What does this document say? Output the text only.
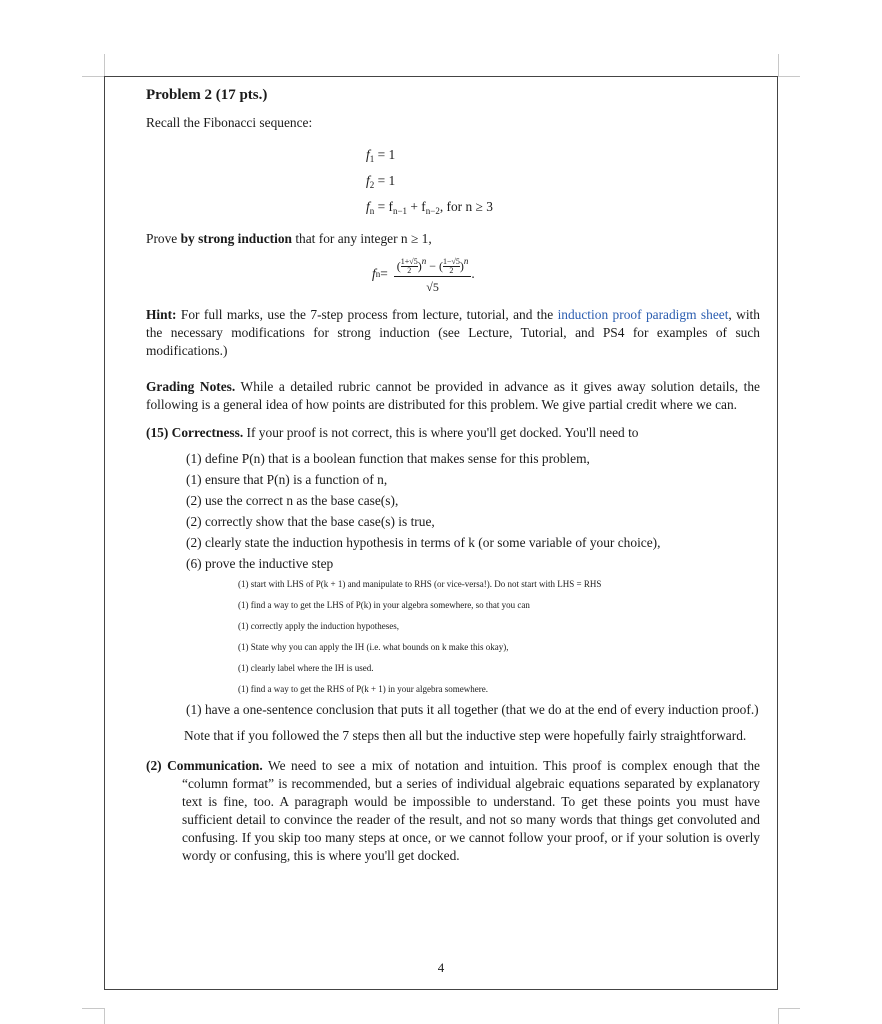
Problem 2 (17 pts.)

Recall the Fibonacci sequence:

$f_1 = 1$
$f_2 = 1$
$f_n = f_{n-1} + f_{n-2}$, for n ≥ 3

Prove by strong induction that for any integer n ≥ 1,

f $n = \frac{( \frac{1+√5}{2} )^n - ( \frac{1-√5}{2} )^n}{√5}$ .

Hint: For full marks, use the 7-step process from lecture, tutorial, and the induction proof paradigm sheet, with the necessary modifications for strong induction (see Lecture, Tutorial, and PS4 for examples of such modifications.)

Grading Notes. While a detailed rubric cannot be provided in advance as it gives away solution details, the following is a general idea of how points are distributed for this problem. We give partial credit where we can.

(15) Correctness. If your proof is not correct, this is where you'll get docked. You'll need to

(1) define P(n) that is a boolean function that makes sense for this problem,
(1) ensure that P(n) is a function of n,
(2) use the correct n as the base case(s),
(2) correctly show that the base case(s) is true,
(2) clearly state the induction hypothesis in terms of k (or some variable of your choice),
(6) prove the inductive step
(1) start with LHS of P(k + 1) and manipulate to RHS (or vice-versa!). Do not start with LHS = RHS
(1) find a way to get the LHS of P(k) in your algebra somewhere, so that you can
(1) correctly apply the induction hypotheses,
(1) State why you can apply the IH (i.e. what bounds on k make this okay),
(1) clearly label where the IH is used.
(1) find a way to get the RHS of P(k + 1) in your algebra somewhere.
(1) have a one-sentence conclusion that puts it all together (that we do at the end of every induction proof.)

Note that if you followed the 7 steps then all but the inductive step were hopefully fairly straightforward.

(2) Communication. We need to see a mix of notation and intuition. This proof is complex enough that the “column format” is recommended, but a series of individual algebraic equations separated by explanatory text is fine, too. A paragraph would be impossible to understand. To get these points you must have sufficient detail to convince the reader of the result, and not so many words that things get convoluted and confusing. If you skip too many steps at once, or we cannot follow your proof, or if your solution is overly wordy or confusing, this is where you'll get docked.

4
